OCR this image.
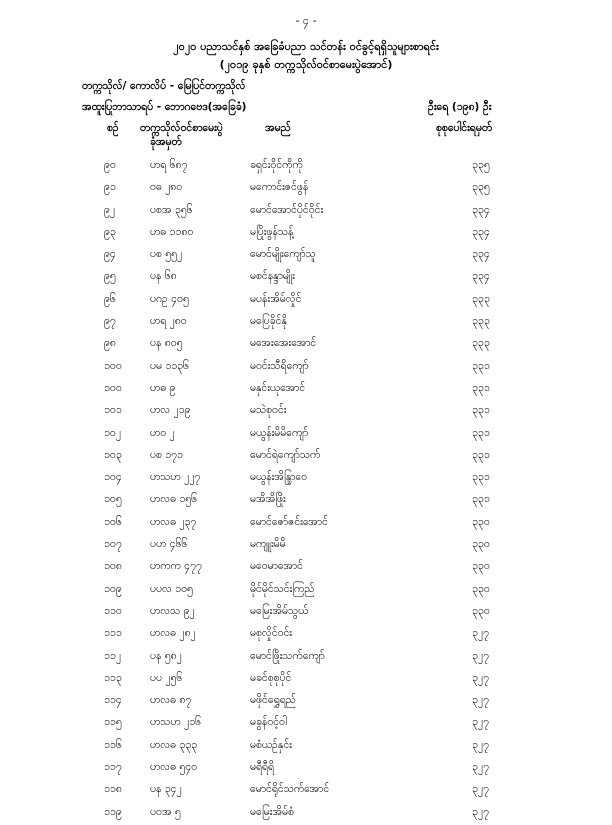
- ၄ -
၂၀၂၀ ပညာသင်နှစ် အခြေခံပညာ သင်တန်း ဝင်ခွင့်ရရှိသူများစာရင်း
(၂၀၁၉ ခုနှစ် တက္ကသိုလ်ဝင်စာမေးပွဲအောင်)
တက္ကသိုလ်/ ကောလိပ် - မြေပြင်တက္ကသိုလ်
အထူးပြုဘာသာရပ် - ဘောဂဗေဒ(အခြေခံ)	ဦးရေ (၁၉၈) ဦး
စဉ် တက္ကသိုလ်ဝင်စာမေးပွဲ
ခုံအမှတ်
အမည်	စုစုပေါင်းရမှတ်
၉၀	ဟရ ၆၈၇	ခရှင်းဝိုင်ကိုကို	၃၃၅
၉၁	ဝဓ ၂၈၀	မကောင်းဇင်ဖွန်	၃၃၅
၉၂	ပစအ ၃၅၆	မောင်အောင်ပိုင်ဝိုင်း	၃၃၄
၉၃	ဟဓ ၁၁၈၀	မပြိုးဖွန်သန့်	၃၃၄
၉၄	ပစ ၅၅၂	မောင်မျိုးကျော်သူ	၃၃၄
၉၅	ပန ၆၈	မစင်နန္ဒာမျိုး	၃၃၄
၉၆	ပဂဥ ၄၀၅	မပန်းအိမ်လှိုင်	၃၃၃
၉၇	ဟရ ၂၈၀	မပြေခိုင်နို	၃၃၃
၉၈	ပန ၈၀၅	မအေးအေးအောင်	၃၃၃
၁၀၀	ပမ ၁၁၃၆	မဝင်းသီရိကျော်	၃၃၁
၁၀၀	ဟဓ ၉	မနှင်းယုအောင်	၃၃၁
၁၀၁	ဟလ ၂၁၉	မသဲစုဝင်း	၃၃၁
၁၀၂	ဟဝ ၂	မယွန်းမိမိကျော်	၃၃၁
၁၀၃	ပစ ၁၇၁	မောင်ရဲကျော်သက်	၃၃၁
၁၀၄	ဟသဟ ၂၂၇	မယွန်းအိန္ဒြာဝေ	၃၃၁
၁၀၅	ဟလဓ ၁၅၆	မအိအိဖြိုး	၃၃၁
၁၀၆	ဟလဓ ၂၃၇	မောင်ဇော်ဇင်းအောင်	၃၃၀
၁၀၇	ပဟ ၄၆၆	မကျူးမိမိ	၃၃၀
၁၀၈	ဟကက ၄၇၇	မဝေမာအောင်	၃၃၀
၁၀၉	ပပလ ၁၀၅	မိုင်မိုင်သင်းကြည်	၃၃၀
၁၁၀	ဟလသ ၉၂	မမြေးအိမ်သွယ်	၃၃၀
၁၁၁	ဟလဓ ၂၈၂	မစုလှိုင်ဝင်း	၃၂၇
၁၁၂	ပန ၅၈၂	မောင်ဖြိုးသက်ကျော်	၃၂၇
၁၁၃	ပပ ၂၅၆	မခင်စုစုပိုင်	၃၂၇
၁၁၄	ဟလဓ ၈၇	မဖိုင်ရွှေရည်	၃၂၇
၁၁၅	ဟသဟ ၂၁၆	မခွန်ဝင့်ဝါ	၃၂၇
၁၁၆	ဟလဓ ၃၃၃	မစံယဉ်နှင်း	၃၂၇
၁၁၇	ဟလဓ ၅၄၀	မရီရီရိ	၃၂၇
၁၁၈	ပန ၃၄၂	မောင်ရိုင်သက်အောင်	၃၂၇
၁၁၉	ပဝအ ၅	မမြေးအိမ်စံ	၃၂၇
